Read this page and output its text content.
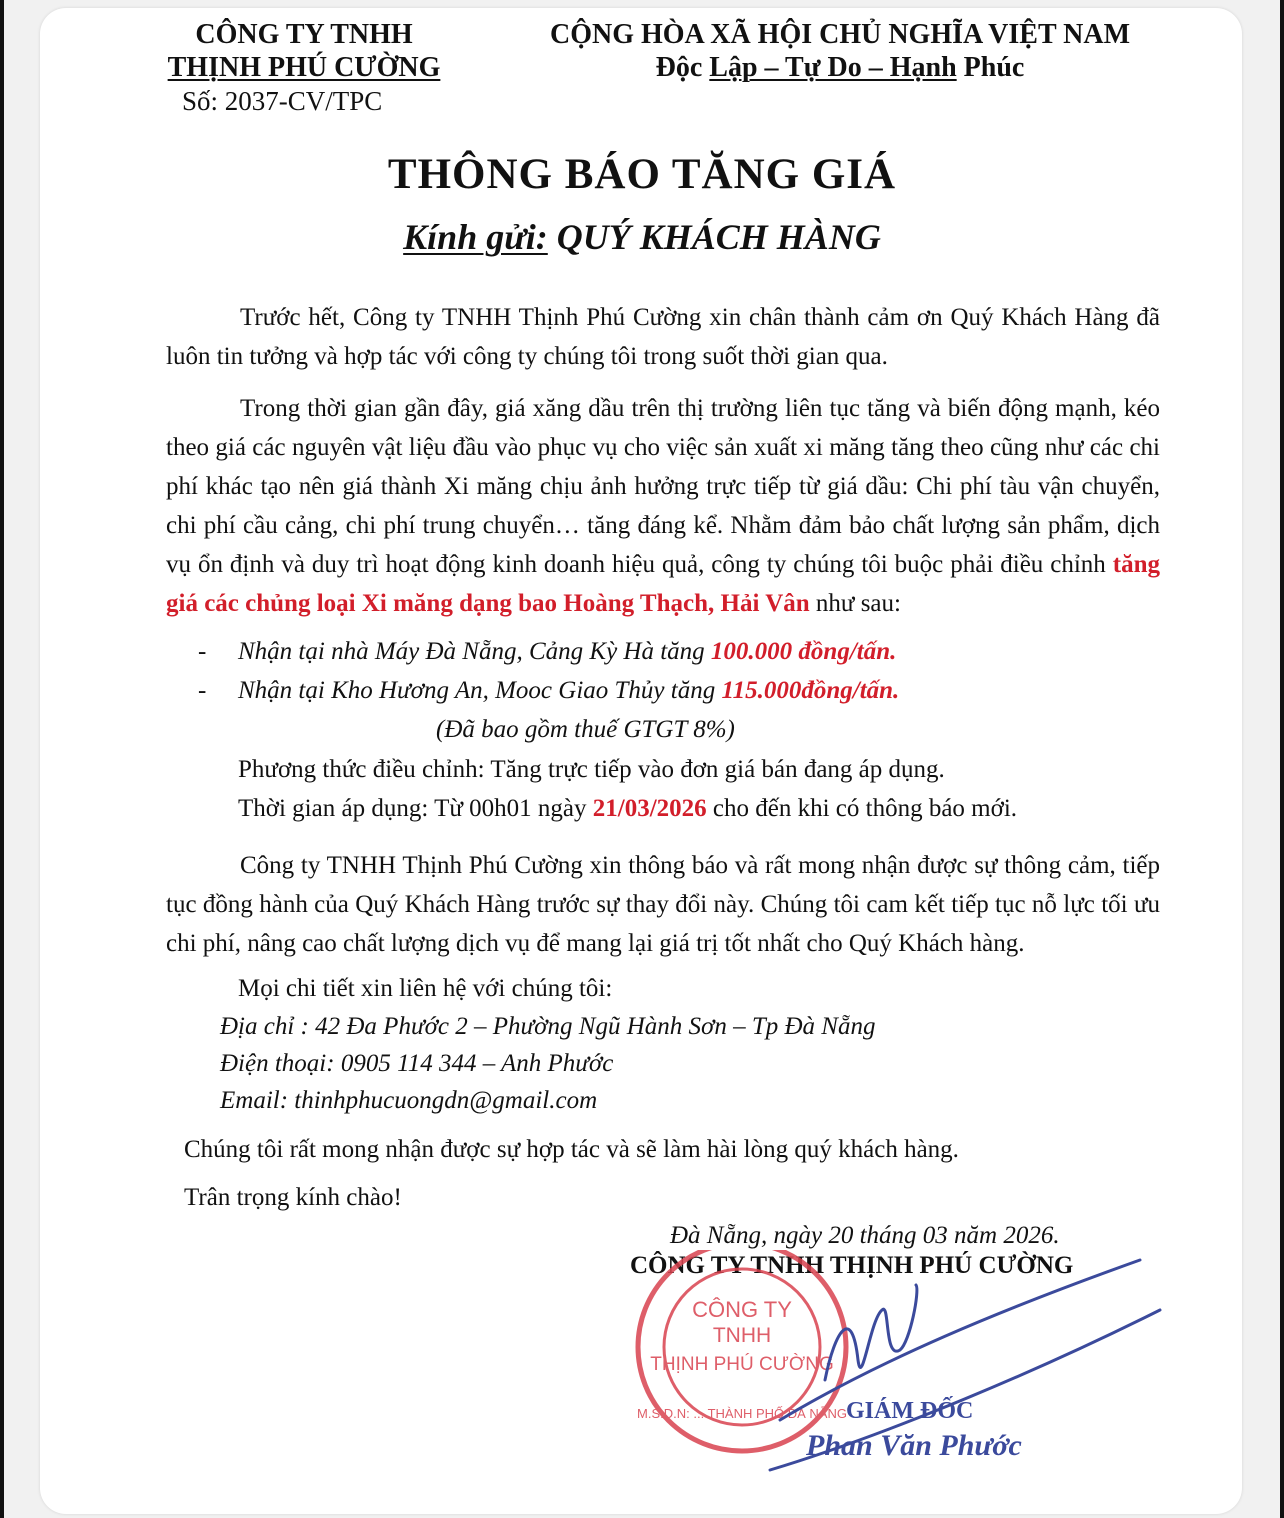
CÔNG TY TNHH
THỊNH PHÚ CƯỜNG
Số: 2037-CV/TPC
CỘNG HÒA XÃ HỘI CHỦ NGHĨA VIỆT NAM
Độc Lập – Tự Do – Hạnh Phúc
THÔNG BÁO TĂNG GIÁ
Kính gửi: QUÝ KHÁCH HÀNG
Trước hết, Công ty TNHH Thịnh Phú Cường xin chân thành cảm ơn Quý Khách Hàng đã luôn tin tưởng và hợp tác với công ty chúng tôi trong suốt thời gian qua.
Trong thời gian gần đây, giá xăng dầu trên thị trường liên tục tăng và biến động mạnh, kéo theo giá các nguyên vật liệu đầu vào phục vụ cho việc sản xuất xi măng tăng theo cũng như các chi phí khác tạo nên giá thành Xi măng chịu ảnh hưởng trực tiếp từ giá dầu: Chi phí tàu vận chuyển, chi phí cầu cảng, chi phí trung chuyển… tăng đáng kể. Nhằm đảm bảo chất lượng sản phẩm, dịch vụ ổn định và duy trì hoạt động kinh doanh hiệu quả, công ty chúng tôi buộc phải điều chỉnh tăng giá các chủng loại Xi măng dạng bao Hoàng Thạch, Hải Vân như sau:
- Nhận tại nhà Máy Đà Nẵng, Cảng Kỳ Hà tăng 100.000 đồng/tấn.
- Nhận tại Kho Hương An, Mooc Giao Thủy tăng 115.000đồng/tấn.
(Đã bao gồm thuế GTGT 8%)
Phương thức điều chỉnh: Tăng trực tiếp vào đơn giá bán đang áp dụng.
Thời gian áp dụng: Từ 00h01 ngày 21/03/2026 cho đến khi có thông báo mới.
Công ty TNHH Thịnh Phú Cường xin thông báo và rất mong nhận được sự thông cảm, tiếp tục đồng hành của Quý Khách Hàng trước sự thay đổi này. Chúng tôi cam kết tiếp tục nỗ lực tối ưu chi phí, nâng cao chất lượng dịch vụ để mang lại giá trị tốt nhất cho Quý Khách hàng.
Mọi chi tiết xin liên hệ với chúng tôi:
Địa chỉ : 42 Đa Phước 2 – Phường Ngũ Hành Sơn – Tp Đà Nẵng
Điện thoại: 0905 114 344 – Anh Phước
Email: thinhphucuongdn@gmail.com
Chúng tôi rất mong nhận được sự hợp tác và sẽ làm hài lòng quý khách hàng.
Trân trọng kính chào!
Đà Nẵng, ngày 20 tháng 03 năm 2026.
CÔNG TY TNHH THỊNH PHÚ CƯỜNG
CÔNG TY
TNHH
THỊNH PHÚ CƯỜNG
M.S.D.N: ... THÀNH PHỐ ĐÀ NẴNG GIÁM ĐỐC
Phan Văn Phước
